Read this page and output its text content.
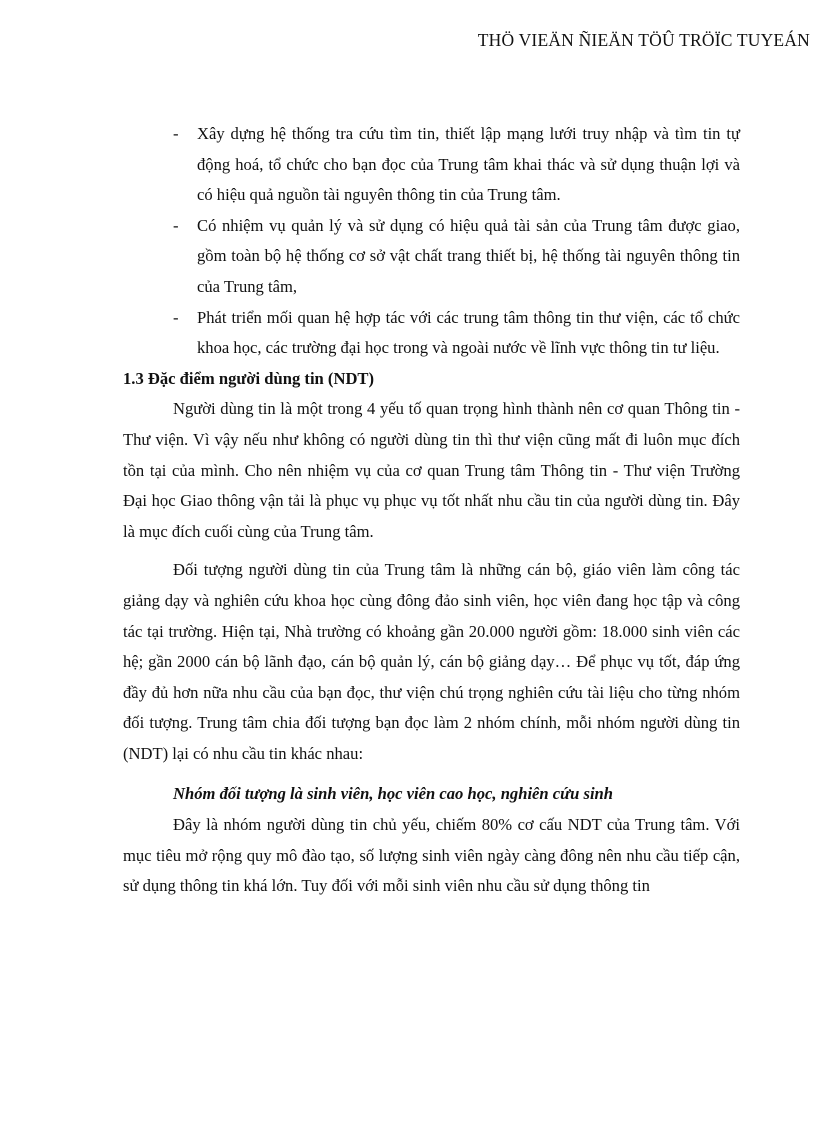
THÖ VIEÄN ÑIEÄN TÖÛ TRÖÏC TUYEÁN
-	Xây dựng hệ thống tra cứu tìm tin, thiết lập mạng lưới truy nhập và tìm tin tự động hoá, tổ chức cho bạn đọc của Trung tâm khai thác và sử dụng thuận lợi và có hiệu quả nguồn tài nguyên thông tin của Trung tâm.
-	Có nhiệm vụ quản lý và sử dụng có hiệu quả tài sản của Trung tâm được giao, gồm toàn bộ hệ thống cơ sở vật chất trang thiết bị, hệ thống tài nguyên thông tin của Trung tâm,
-	Phát triển mối quan hệ hợp tác với các trung tâm thông tin thư viện, các tổ chức khoa học, các trường đại học trong và ngoài nước về lĩnh vực thông tin tư liệu.
1.3 Đặc điểm người dùng tin (NDT)

Người dùng tin là một trong 4 yếu tố quan trọng hình thành nên cơ quan Thông tin - Thư viện. Vì vậy nếu như không có người dùng tin thì thư viện cũng mất đi luôn mục đích tồn tại của mình. Cho nên nhiệm vụ của cơ quan Trung tâm Thông tin - Thư viện Trường Đại học Giao thông vận tải là phục vụ phục vụ tốt nhất nhu cầu tin của người dùng tin. Đây là mục đích cuối cùng của Trung tâm.

Đối tượng người dùng tin của Trung tâm là những cán bộ, giáo viên làm công tác giảng dạy và nghiên cứu khoa học cùng đông đảo sinh viên, học viên đang học tập và công tác tại trường. Hiện tại, Nhà trường có khoảng gần 20.000 người gồm: 18.000 sinh viên các hệ; gần 2000 cán bộ lãnh đạo, cán bộ quản lý, cán bộ giảng dạy… Để phục vụ tốt, đáp ứng đầy đủ hơn nữa nhu cầu của bạn đọc, thư viện chú trọng nghiên cứu tài liệu cho từng nhóm đối tượng. Trung tâm chia đối tượng bạn đọc làm 2 nhóm chính, mỗi nhóm người dùng tin (NDT) lại có nhu cầu tin khác nhau:

Nhóm đối tượng là sinh viên, học viên cao học, nghiên cứu sinh

Đây là nhóm người dùng tin chủ yếu, chiếm 80% cơ cấu NDT của Trung tâm. Với mục tiêu mở rộng quy mô đào tạo, số lượng sinh viên ngày càng đông nên nhu cầu tiếp cận, sử dụng thông tin khá lớn. Tuy đối với mỗi sinh viên nhu cầu sử dụng thông tin
